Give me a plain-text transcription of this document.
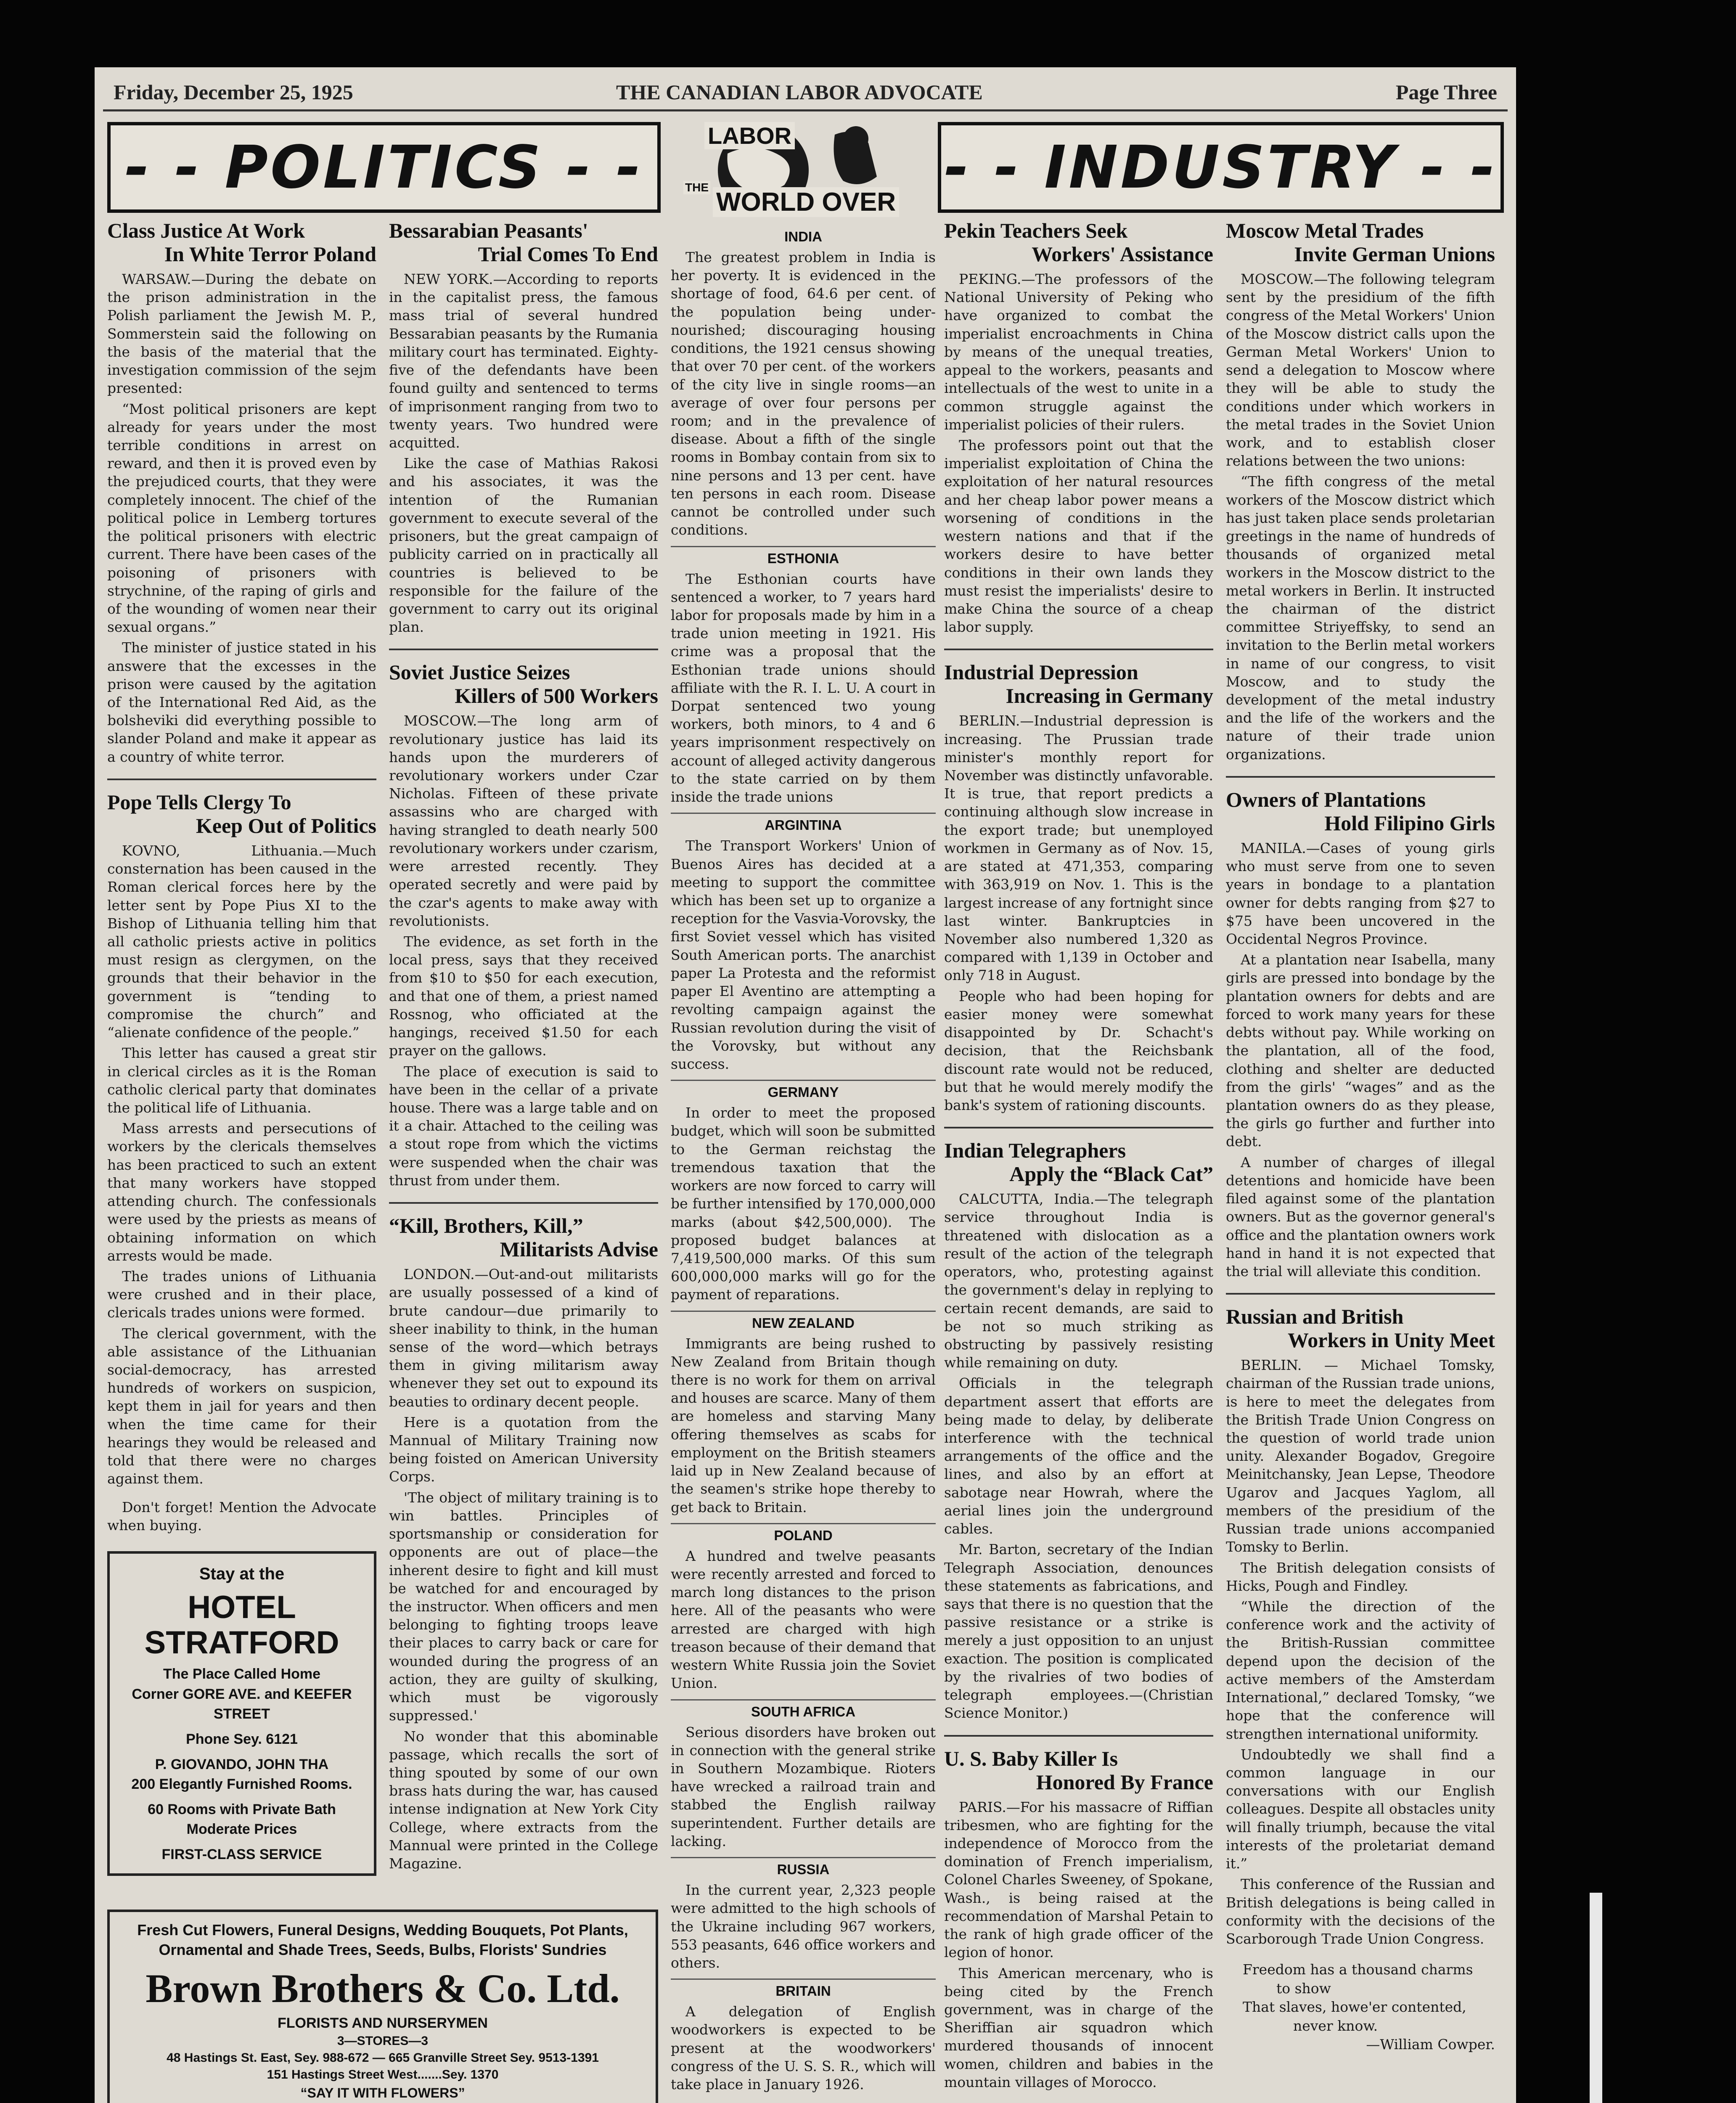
Friday, December 25, 1925	THE CANADIAN LABOR ADVOCATE	Page Three
- - POLITICS - -	LABOR
THE
WORLD OVER
- - INDUSTRY - -
Class Justice At Work
In White Terror Poland
WARSAW.—During the debate on the prison administration in the Polish parliament the Jewish M. P., Sommerstein said the following on the basis of the material that the investigation commission of the sejm presented:
“Most political prisoners are kept already for years under the most terrible conditions in arrest on reward, and then it is proved even by the prejudiced courts, that they were completely innocent. The chief of the political police in Lemberg tortures the political prisoners with electric current. There have been cases of the poisoning of prisoners with strychnine, of the raping of girls and of the wounding of women near their sexual organs.”
The minister of justice stated in his answere that the excesses in the prison were caused by the agitation of the International Red Aid, as the bolsheviki did everything possible to slander Poland and make it appear as a country of white terror.
Pope Tells Clergy To
Keep Out of Politics
KOVNO, Lithuania.—Much consternation has been caused in the Roman clerical forces here by the letter sent by Pope Pius XI to the Bishop of Lithuania telling him that all catholic priests active in politics must resign as clergymen, on the grounds that their behavior in the government is “tending to compromise the church” and “alienate confidence of the people.”
This letter has caused a great stir in clerical circles as it is the Roman catholic clerical party that dominates the political life of Lithuania.
Mass arrests and persecutions of workers by the clericals themselves has been practiced to such an extent that many workers have stopped attending church. The confessionals were used by the priests as means of obtaining information on which arrests would be made.
The trades unions of Lithuania were crushed and in their place, clericals trades unions were formed.
The clerical government, with the able assistance of the Lithuanian social-democracy, has arrested hundreds of workers on suspicion, kept them in jail for years and then when the time came for their hearings they would be released and told that there were no charges against them.
Don't forget! Mention the Advocate when buying.
Stay at the
HOTEL STRATFORD
The Place Called Home
Corner GORE AVE. and KEEFER STREET
Phone Sey. 6121
P. GIOVANDO, JOHN THA
200 Elegantly Furnished Rooms.
60 Rooms with Private Bath Moderate Prices
FIRST-CLASS SERVICE
Bessarabian Peasants'
Trial Comes To End
NEW YORK.—According to reports in the capitalist press, the famous mass trial of several hundred Bessarabian peasants by the Rumania military court has terminated. Eighty-five of the defendants have been found guilty and sentenced to terms of imprisonment ranging from two to twenty years. Two hundred were acquitted.
Like the case of Mathias Rakosi and his associates, it was the intention of the Rumanian government to execute several of the prisoners, but the great campaign of publicity carried on in practically all countries is believed to be responsible for the failure of the government to carry out its original plan.
Soviet Justice Seizes
Killers of 500 Workers
MOSCOW.—The long arm of revolutionary justice has laid its hands upon the murderers of revolutionary workers under Czar Nicholas. Fifteen of these private assassins who are charged with having strangled to death nearly 500 revolutionary workers under czarism, were arrested recently. They operated secretly and were paid by the czar's agents to make away with revolutionists.
The evidence, as set forth in the local press, says that they received from $10 to $50 for each execution, and that one of them, a priest named Rossnog, who officiated at the hangings, received $1.50 for each prayer on the gallows.
The place of execution is said to have been in the cellar of a private house. There was a large table and on it a chair. Attached to the ceiling was a stout rope from which the victims were suspended when the chair was thrust from under them.
“Kill, Brothers, Kill,”
Militarists Advise
LONDON.—Out-and-out militarists are usually possessed of a kind of brute candour—due primarily to sheer inability to think, in the human sense of the word—which betrays them in giving militarism away whenever they set out to expound its beauties to ordinary decent people.
Here is a quotation from the Mannual of Military Training now being foisted on American University Corps.
'The object of military training is to win battles. Principles of sportsmanship or consideration for opponents are out of place—the inherent desire to fight and kill must be watched for and encouraged by the instructor. When officers and men belonging to fighting troops leave their places to carry back or care for wounded during the progress of an action, they are guilty of skulking, which must be vigorously suppressed.'
No wonder that this abominable passage, which recalls the sort of thing spouted by some of our own brass hats during the war, has caused intense indignation at New York City College, where extracts from the Mannual were printed in the College Magazine.
INDIA
The greatest problem in India is her poverty. It is evidenced in the shortage of food, 64.6 per cent. of the population being under-nourished; discouraging housing conditions, the 1921 census showing that over 70 per cent. of the workers of the city live in single rooms—an average of over four persons per room; and in the prevalence of disease. About a fifth of the single rooms in Bombay contain from six to nine persons and 13 per cent. have ten persons in each room. Disease cannot be controlled under such conditions.
ESTHONIA
The Esthonian courts have sentenced a worker, to 7 years hard labor for proposals made by him in a trade union meeting in 1921. His crime was a proposal that the Esthonian trade unions should affiliate with the R. I. L. U. A court in Dorpat sentenced two young workers, both minors, to 4 and 6 years imprisonment respectively on account of alleged activity dangerous to the state carried on by them inside the trade unions
ARGINTINA
The Transport Workers' Union of Buenos Aires has decided at a meeting to support the committee which has been set up to organize a reception for the Vasvia-Vorovsky, the first Soviet vessel which has visited South American ports. The anarchist paper La Protesta and the reformist paper El Aventino are attempting a revolting campaign against the Russian revolution during the visit of the Vorovsky, but without any success.
GERMANY
In order to meet the proposed budget, which will soon be submitted to the German reichstag the tremendous taxation that the workers are now forced to carry will be further intensified by 170,000,000 marks (about $42,500,000). The proposed budget balances at 7,419,500,000 marks. Of this sum 600,000,000 marks will go for the payment of reparations.
NEW ZEALAND
Immigrants are being rushed to New Zealand from Britain though there is no work for them on arrival and houses are scarce. Many of them are homeless and starving Many offering themselves as scabs for employment on the British steamers laid up in New Zealand because of the seamen's strike hope thereby to get back to Britain.
POLAND
A hundred and twelve peasants were recently arrested and forced to march long distances to the prison here. All of the peasants who were arrested are charged with high treason because of their demand that western White Russia join the Soviet Union.
SOUTH AFRICA
Serious disorders have broken out in connection with the general strike in Southern Mozambique. Rioters have wrecked a railroad train and stabbed the English railway superintendent. Further details are lacking.
RUSSIA
In the current year, 2,323 people were admitted to the high schools of the Ukraine including 967 workers, 553 peasants, 646 office workers and others.
BRITAIN
A delegation of English woodworkers is expected to be present at the woodworkers' congress of the U. S. S. R., which will take place in January 1926.
Pekin Teachers Seek
Workers' Assistance
PEKING.—The professors of the National University of Peking who have organized to combat the imperialist encroachments in China by means of the unequal treaties, appeal to the workers, peasants and intellectuals of the west to unite in a common struggle against the imperialist policies of their rulers.
The professors point out that the imperialist exploitation of China the exploitation of her natural resources and her cheap labor power means a worsening of conditions in the western nations and that if the workers desire to have better conditions in their own lands they must resist the imperialists' desire to make China the source of a cheap labor supply.
Industrial Depression
Increasing in Germany
BERLIN.—Industrial depression is increasing. The Prussian trade minister's monthly report for November was distinctly unfavorable. It is true, that report predicts a continuing although slow increase in the export trade; but unemployed workmen in Germany as of Nov. 15, are stated at 471,353, comparing with 363,919 on Nov. 1. This is the largest increase of any fortnight since last winter. Bankruptcies in November also numbered 1,320 as compared with 1,139 in October and only 718 in August.
People who had been hoping for easier money were somewhat disappointed by Dr. Schacht's decision, that the Reichsbank discount rate would not be reduced, but that he would merely modify the bank's system of rationing discounts.
Indian Telegraphers
Apply the “Black Cat”
CALCUTTA, India.—The telegraph service throughout India is threatened with dislocation as a result of the action of the telegraph operators, who, protesting against the government's delay in replying to certain recent demands, are said to be not so much striking as obstructing by passively resisting while remaining on duty.
Officials in the telegraph department assert that efforts are being made to delay, by deliberate interference with the technical arrangements of the office and the lines, and also by an effort at sabotage near Howrah, where the aerial lines join the underground cables.
Mr. Barton, secretary of the Indian Telegraph Association, denounces these statements as fabrications, and says that there is no question that the passive resistance or a strike is merely a just opposition to an unjust exaction. The position is complicated by the rivalries of two bodies of telegraph employees.—(Christian Science Monitor.)
U. S. Baby Killer Is
Honored By France
PARIS.—For his massacre of Riffian tribesmen, who are fighting for the independence of Morocco from the domination of French imperialism, Colonel Charles Sweeney, of Spokane, Wash., is being raised at the recommendation of Marshal Petain to the rank of high grade officer of the legion of honor.
This American mercenary, who is being cited by the French government, was in charge of the Sheriffian air squadron which murdered thousands of innocent women, children and babies in the mountain villages of Morocco.
Moscow Metal Trades
Invite German Unions
MOSCOW.—The following telegram sent by the presidium of the fifth congress of the Metal Workers' Union of the Moscow district calls upon the German Metal Workers' Union to send a delegation to Moscow where they will be able to study the conditions under which workers in the metal trades in the Soviet Union work, and to establish closer relations between the two unions:
“The fifth congress of the metal workers of the Moscow district which has just taken place sends proletarian greetings in the name of hundreds of thousands of organized metal workers in the Moscow district to the metal workers in Berlin. It instructed the chairman of the district committee Striyeffsky, to send an invitation to the Berlin metal workers in name of our congress, to visit Moscow, and to study the development of the metal industry and the life of the workers and the nature of their trade union organizations.
Owners of Plantations
Hold Filipino Girls
MANILA.—Cases of young girls who must serve from one to seven years in bondage to a plantation owner for debts ranging from $27 to $75 have been uncovered in the Occidental Negros Province.
At a plantation near Isabella, many girls are pressed into bondage by the plantation owners for debts and are forced to work many years for these debts without pay. While working on the plantation, all of the food, clothing and shelter are deducted from the girls' “wages” and as the plantation owners do as they please, the girls go further and further into debt.
A number of charges of illegal detentions and homicide have been filed against some of the plantation owners. But as the governor general's office and the plantation owners work hand in hand it is not expected that the trial will alleviate this condition.
Russian and British
Workers in Unity Meet
BERLIN. — Michael Tomsky, chairman of the Russian trade unions, is here to meet the delegates from the British Trade Union Congress on the question of world trade union unity. Alexander Bogadov, Gregoire Meinitchansky, Jean Lepse, Theodore Ugarov and Jacques Yaglom, all members of the presidium of the Russian trade unions accompanied Tomsky to Berlin.
The British delegation consists of Hicks, Pough and Findley.
“While the direction of the conference work and the activity of the British-Russian committee depend upon the decision of the active members of the Amsterdam International,” declared Tomsky, “we hope that the conference will strengthen international uniformity.
Undoubtedly we shall find a common language in our conversations with our English colleagues. Despite all obstacles unity will finally triumph, because the vital interests of the proletariat demand it.”
This conference of the Russian and British delegations is being called in conformity with the decisions of the Scarborough Trade Union Congress.
Freedom has a thousand charms
to show
That slaves, howe'er contented,
never know.
—William Cowper.
Fresh Cut Flowers, Funeral Designs, Wedding Bouquets, Pot Plants, Ornamental and Shade Trees, Seeds, Bulbs, Florists' Sundries
Brown Brothers & Co. Ltd.
FLORISTS AND NURSERYMEN
3—STORES—3
48 Hastings St. East, Sey. 988-672 — 665 Granville Street Sey. 9513-1391
151 Hastings Street West.......Sey. 1370
“SAY IT WITH FLOWERS”
